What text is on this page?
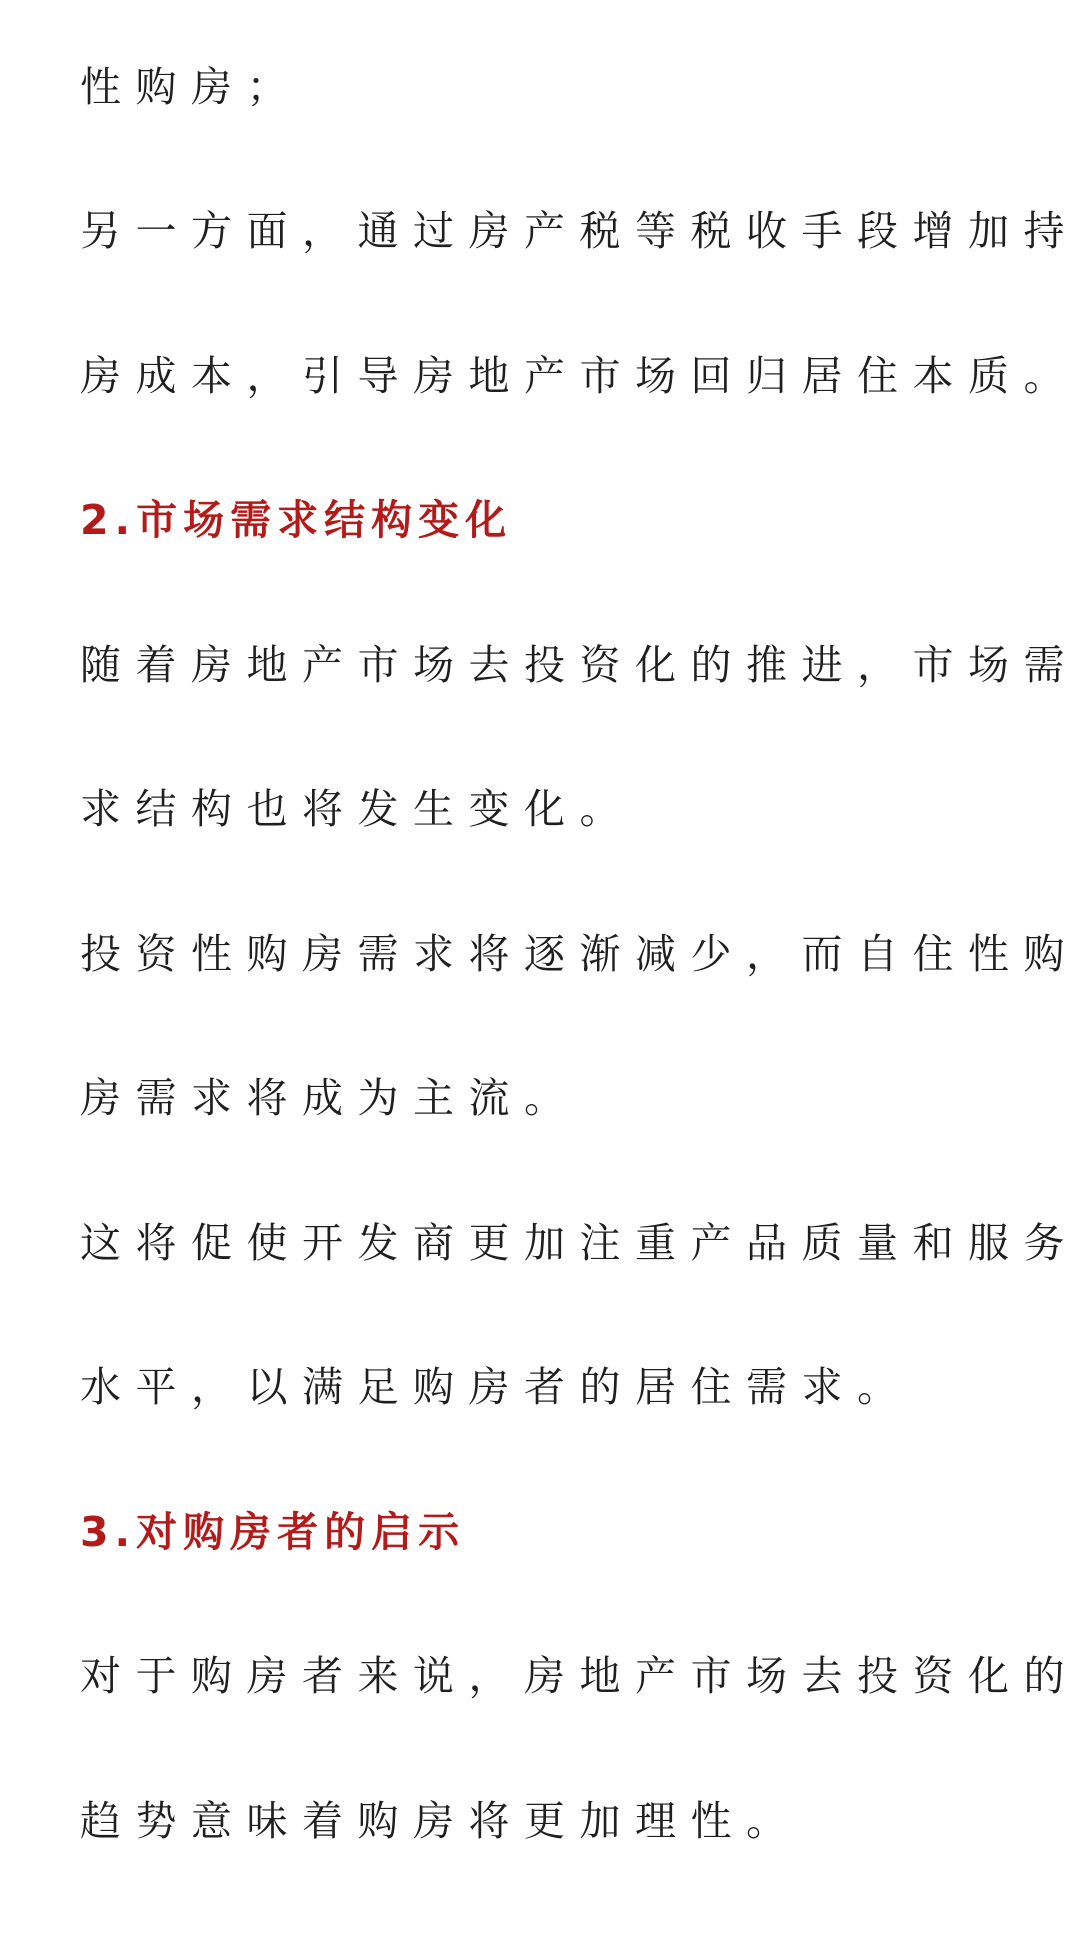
性购房；
另一方面，通过房产税等税收手段增加持
房成本，引导房地产市场回归居住本质。
2.市场需求结构变化
随着房地产市场去投资化的推进，市场需
求结构也将发生变化。
投资性购房需求将逐渐减少，而自住性购
房需求将成为主流。
这将促使开发商更加注重产品质量和服务
水平，以满足购房者的居住需求。
3.对购房者的启示
对于购房者来说，房地产市场去投资化的
趋势意味着购房将更加理性。
